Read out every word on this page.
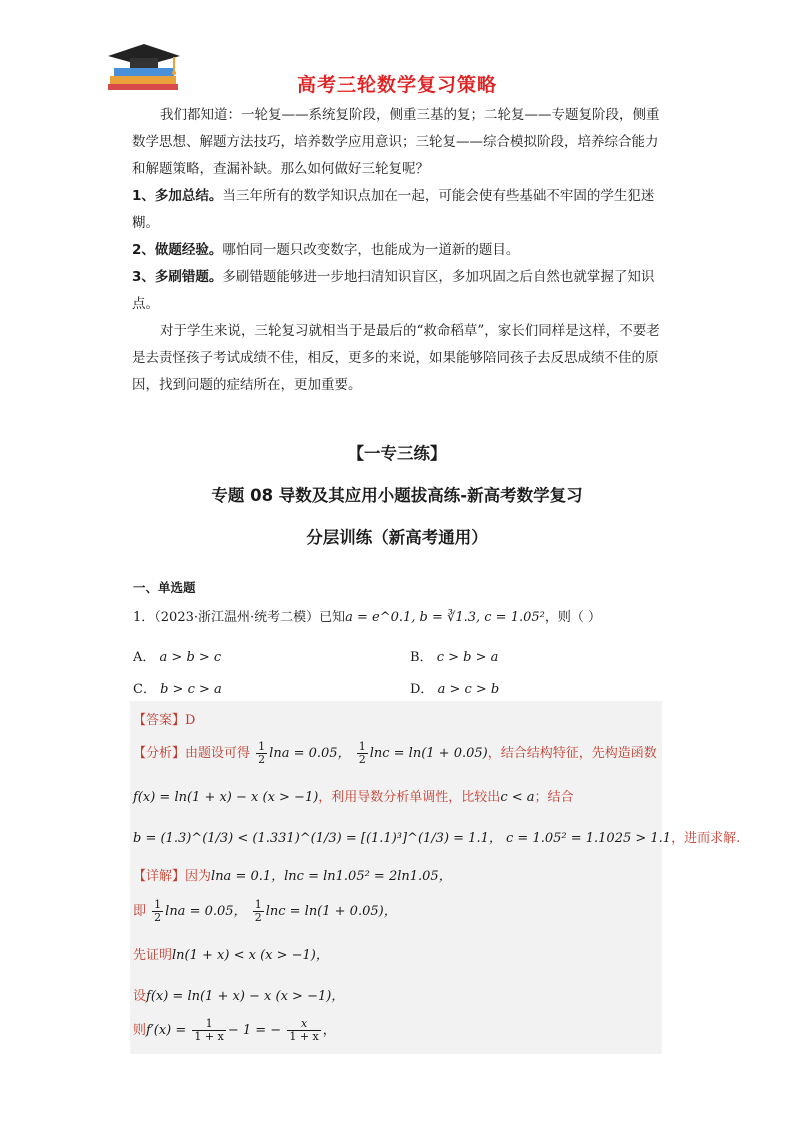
高考三轮数学复习策略

我们都知道：一轮复——系统复阶段，侧重三基的复；二轮复——专题复阶段，侧重数学思想、解题方法技巧，培养数学应用意识；三轮复——综合模拟阶段，培养综合能力和解题策略，查漏补缺。那么如何做好三轮复呢？

1、多加总结。当三年所有的数学知识点加在一起，可能会使有些基础不牢固的学生犯迷糊。

2、做题经验。哪怕同一题只改变数字，也能成为一道新的题目。

3、多刷错题。多刷错题能够进一步地扫清知识盲区，多加巩固之后自然也就掌握了知识点。

对于学生来说，三轮复习就相当于是最后的“救命稻草”，家长们同样是这样，不要老是去责怪孩子考试成绩不佳，相反，更多的来说，如果能够陪同孩子去反思成绩不佳的原因，找到问题的症结所在，更加重要。

【一专三练】
专题 08 导数及其应用小题拔高练-新高考数学复习
分层训练（新高考通用）
一、单选题
1．（2023·浙江温州·统考二模）已知a = e^0.1, b = ∛1.3, c = 1.05²，则（ ）
A． a > b > c	B． c > b > a
C． b > c > a	D． a > c > b
【答案】D
【分析】由题设可得 $\frac{1}{2}$ lna = 0.05， $\frac{1}{2}$ lnc = ln(1 + 0.05)，结合结构特征，先构造函数
f(x) = ln(1 + x) − x (x > −1)，利用导数分析单调性，比较出c < a；结合
b = (1.3)^(1/3) < (1.331)^(1/3) = [(1.1)³]^(1/3) = 1.1， c = 1.05² = 1.1025 > 1.1，进而求解.
【详解】因为lna = 0.1，lnc = ln1.05² = 2ln1.05，
即 $\frac{1}{2}$ lna = 0.05， $\frac{1}{2}$ lnc = ln(1 + 0.05)，
先证明ln(1 + x) < x (x > −1)，
设f(x) = ln(1 + x) − x (x > −1)，
则$f'(x) = \frac{1}{1 + x} - 1$ = − $\frac{x}{1 + x}$ ，
